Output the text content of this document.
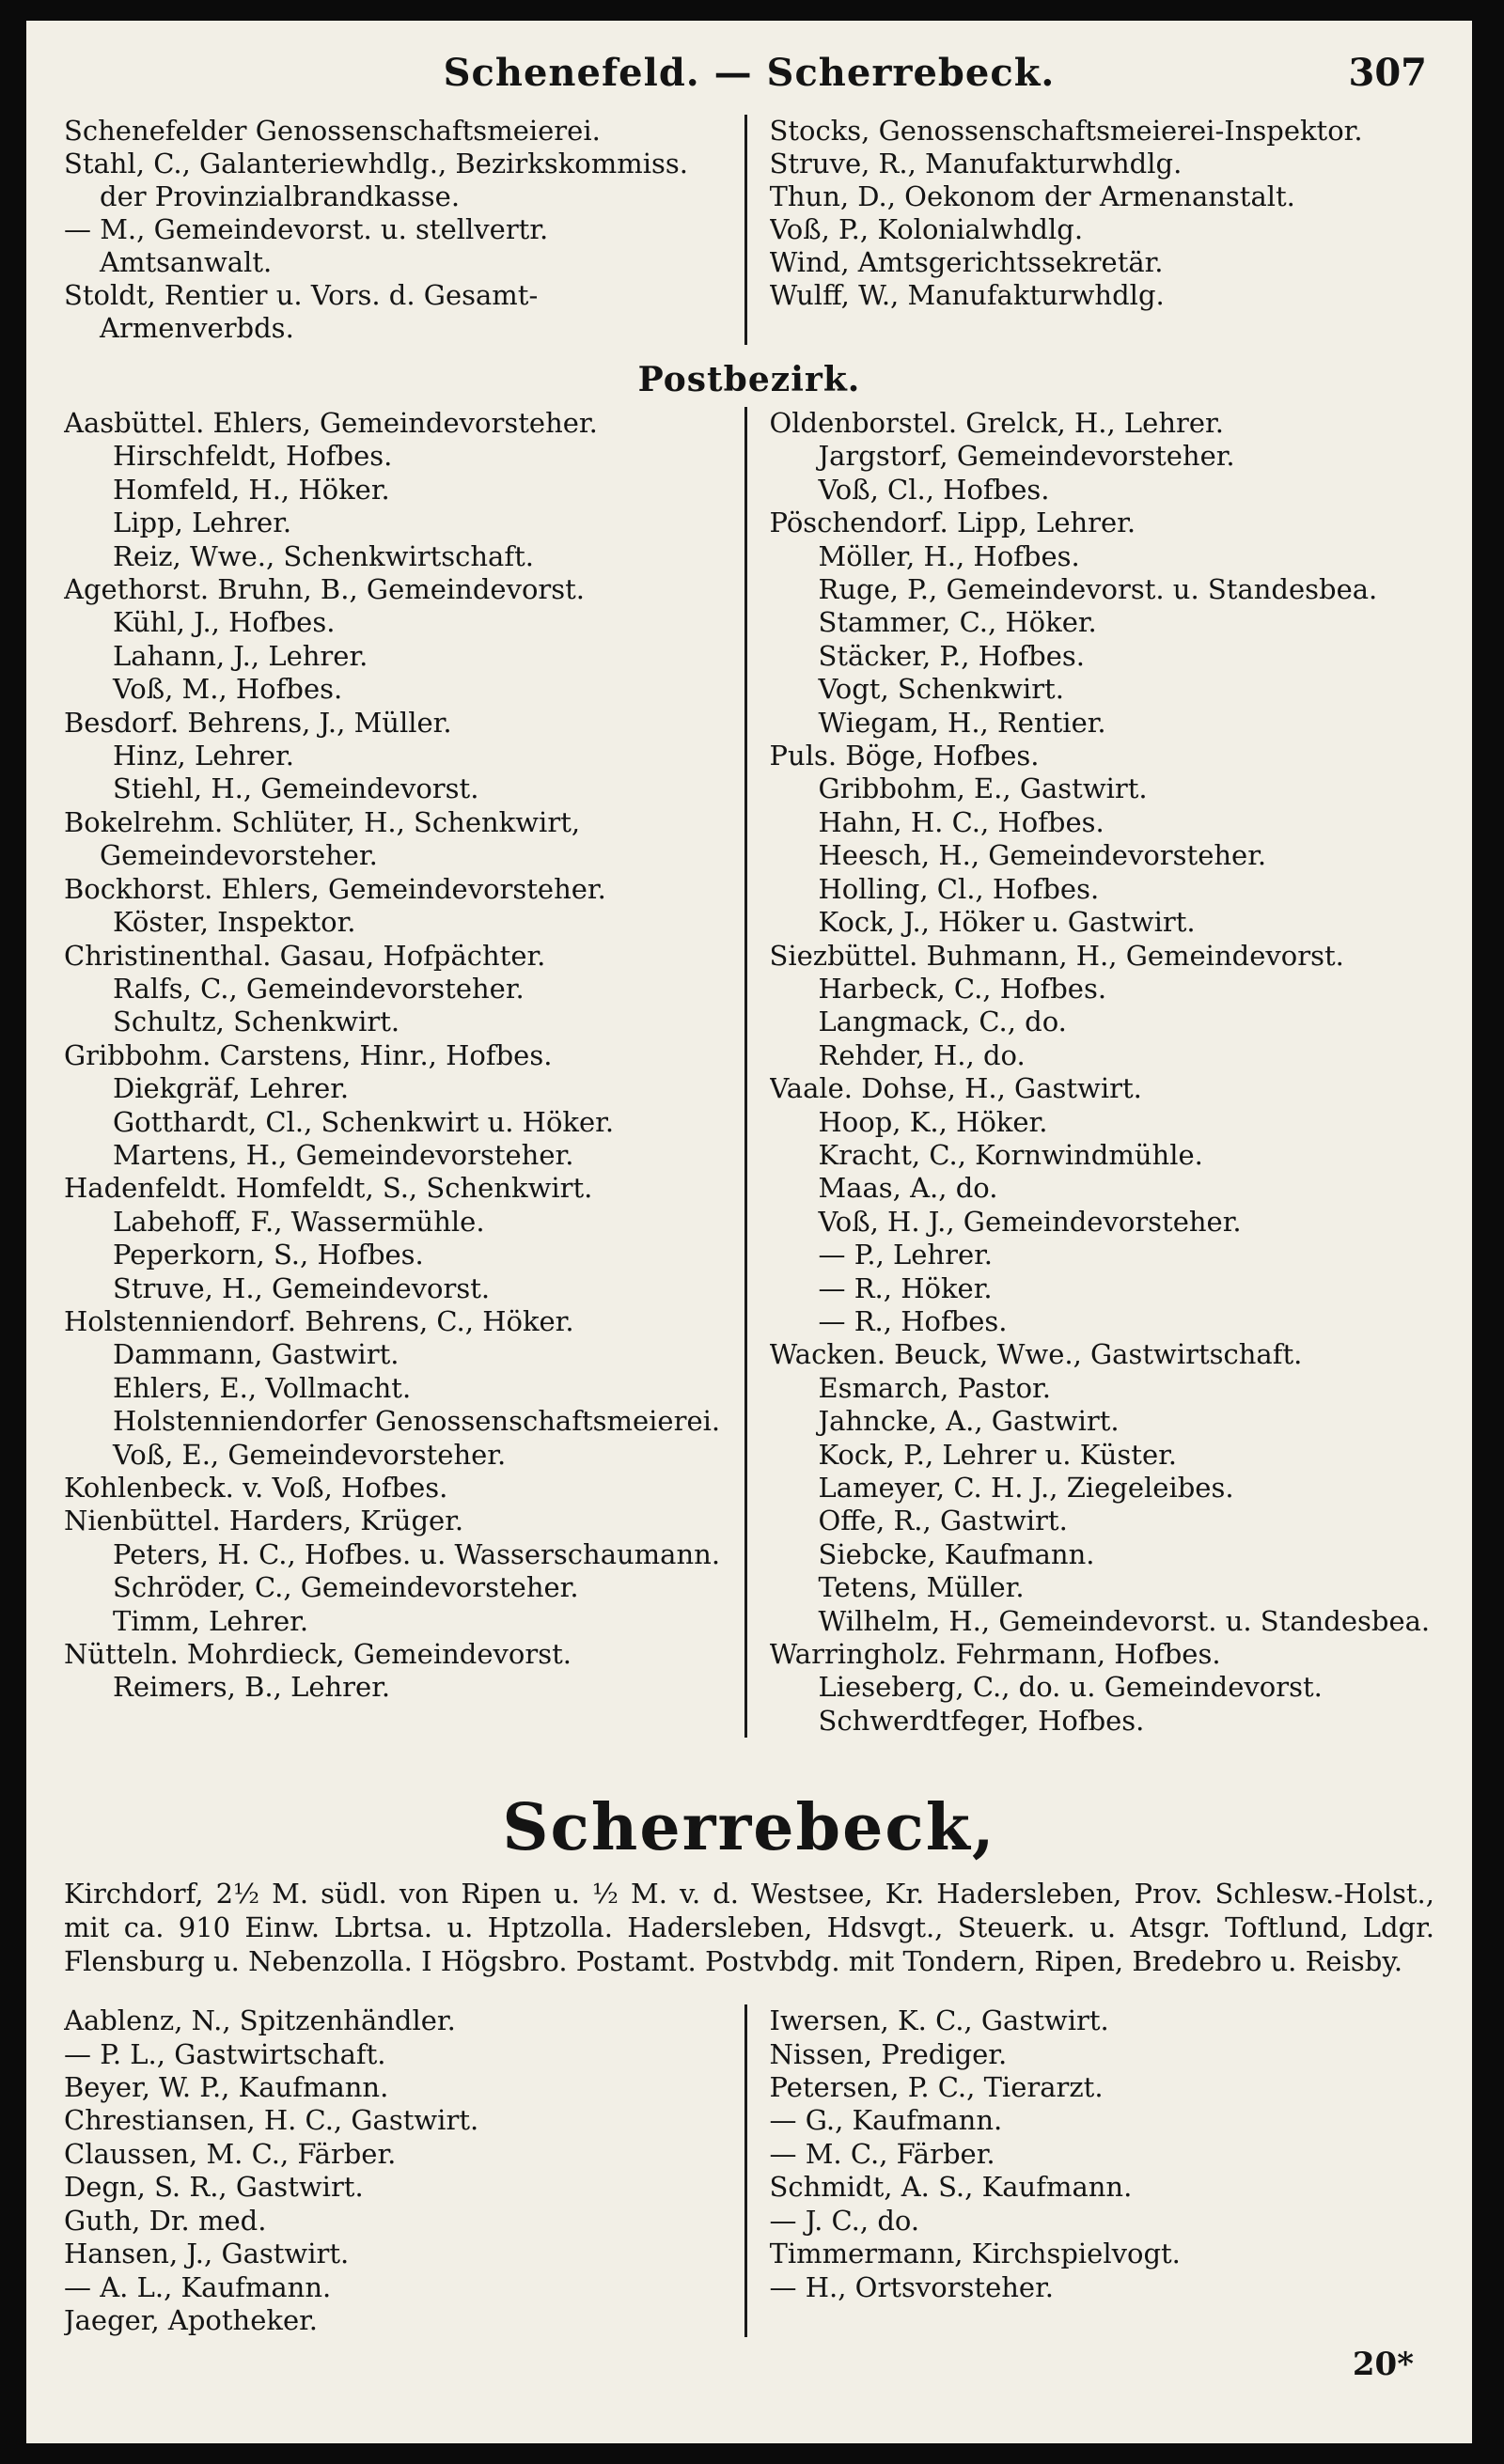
Schenefeld. — Scherrebeck.	307
Schenefelder Genossenschaftsmeierei.
Stahl, C., Galanteriewhdlg., Bezirkskommiss. der Provinzialbrandkasse.
— M., Gemeindevorst. u. stellvertr. Amtsanwalt.
Stoldt, Rentier u. Vors. d. Gesamt-Armenverbds.
Stocks, Genossenschaftsmeierei-Inspektor.
Struve, R., Manufakturwhdlg.
Thun, D., Oekonom der Armenanstalt.
Voß, P., Kolonialwhdlg.
Wind, Amtsgerichtssekretär.
Wulff, W., Manufakturwhdlg.
Postbezirk.
Aasbüttel. Ehlers, Gemeindevorsteher.
Hirschfeldt, Hofbes.
Homfeld, H., Höker.
Lipp, Lehrer.
Reiz, Wwe., Schenkwirtschaft.
Agethorst. Bruhn, B., Gemeindevorst.
Kühl, J., Hofbes.
Lahann, J., Lehrer.
Voß, M., Hofbes.
Besdorf. Behrens, J., Müller.
Hinz, Lehrer.
Stiehl, H., Gemeindevorst.
Bokelrehm. Schlüter, H., Schenkwirt, Gemeindevorsteher.
Bockhorst. Ehlers, Gemeindevorsteher.
Köster, Inspektor.
Christinenthal. Gasau, Hofpächter.
Ralfs, C., Gemeindevorsteher.
Schultz, Schenkwirt.
Gribbohm. Carstens, Hinr., Hofbes.
Diekgräf, Lehrer.
Gotthardt, Cl., Schenkwirt u. Höker.
Martens, H., Gemeindevorsteher.
Hadenfeldt. Homfeldt, S., Schenkwirt.
Labehoff, F., Wassermühle.
Peperkorn, S., Hofbes.
Struve, H., Gemeindevorst.
Holstenniendorf. Behrens, C., Höker.
Dammann, Gastwirt.
Ehlers, E., Vollmacht.
Holstenniendorfer Genossenschaftsmeierei.
Voß, E., Gemeindevorsteher.
Kohlenbeck. v. Voß, Hofbes.
Nienbüttel. Harders, Krüger.
Peters, H. C., Hofbes. u. Wasserschaumann.
Schröder, C., Gemeindevorsteher.
Timm, Lehrer.
Nütteln. Mohrdieck, Gemeindevorst.
Reimers, B., Lehrer.
Oldenborstel. Grelck, H., Lehrer.
Jargstorf, Gemeindevorsteher.
Voß, Cl., Hofbes.
Pöschendorf. Lipp, Lehrer.
Möller, H., Hofbes.
Ruge, P., Gemeindevorst. u. Standesbea.
Stammer, C., Höker.
Stäcker, P., Hofbes.
Vogt, Schenkwirt.
Wiegam, H., Rentier.
Puls. Böge, Hofbes.
Gribbohm, E., Gastwirt.
Hahn, H. C., Hofbes.
Heesch, H., Gemeindevorsteher.
Holling, Cl., Hofbes.
Kock, J., Höker u. Gastwirt.
Siezbüttel. Buhmann, H., Gemeindevorst.
Harbeck, C., Hofbes.
Langmack, C., do.
Rehder, H., do.
Vaale. Dohse, H., Gastwirt.
Hoop, K., Höker.
Kracht, C., Kornwindmühle.
Maas, A., do.
Voß, H. J., Gemeindevorsteher.
— P., Lehrer.
— R., Höker.
— R., Hofbes.
Wacken. Beuck, Wwe., Gastwirtschaft.
Esmarch, Pastor.
Jahncke, A., Gastwirt.
Kock, P., Lehrer u. Küster.
Lameyer, C. H. J., Ziegeleibes.
Offe, R., Gastwirt.
Siebcke, Kaufmann.
Tetens, Müller.
Wilhelm, H., Gemeindevorst. u. Standesbea.
Warringholz. Fehrmann, Hofbes.
Lieseberg, C., do. u. Gemeindevorst.
Schwerdtfeger, Hofbes.
Scherrebeck,
Kirchdorf, 2½ M. südl. von Ripen u. ½ M. v. d. Westsee, Kr. Hadersleben, Prov. Schlesw.-Holst., mit ca. 910 Einw. Lbrtsa. u. Hptzolla. Hadersleben, Hdsvgt., Steuerk. u. Atsgr. Toftlund, Ldgr. Flensburg u. Nebenzolla. I Högsbro. Postamt. Postvbdg. mit Tondern, Ripen, Bredebro u. Reisby.
Aablenz, N., Spitzenhändler.
— P. L., Gastwirtschaft.
Beyer, W. P., Kaufmann.
Chrestiansen, H. C., Gastwirt.
Claussen, M. C., Färber.
Degn, S. R., Gastwirt.
Guth, Dr. med.
Hansen, J., Gastwirt.
— A. L., Kaufmann.
Jaeger, Apotheker.
Iwersen, K. C., Gastwirt.
Nissen, Prediger.
Petersen, P. C., Tierarzt.
— G., Kaufmann.
— M. C., Färber.
Schmidt, A. S., Kaufmann.
— J. C., do.
Timmermann, Kirchspielvogt.
— H., Ortsvorsteher.
20*
